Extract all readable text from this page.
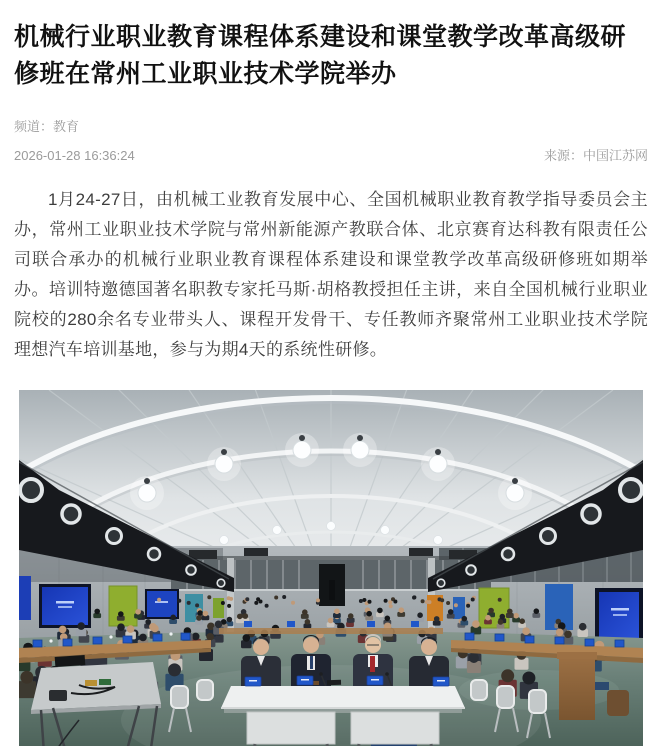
机械行业职业教育课程体系建设和课堂教学改革高级研修班在常州工业职业技术学院举办
频道：教育
2026-01-28 16:36:24	来源：中国江苏网

1月24-27日，由机械工业教育发展中心、全国机械职业教育教学指导委员会主办，常州工业职业技术学院与常州新能源产教联合体、北京赛育达科教有限责任公司联合承办的机械行业职业教育课程体系建设和课堂教学改革高级研修班如期举办。培训特邀德国著名职教专家托马斯·胡格教授担任主讲，来自全国机械行业职业院校的280余名专业带头人、课程开发骨干、专任教师齐聚常州工业职业技术学院理想汽车培训基地，参与为期4天的系统性研修。
